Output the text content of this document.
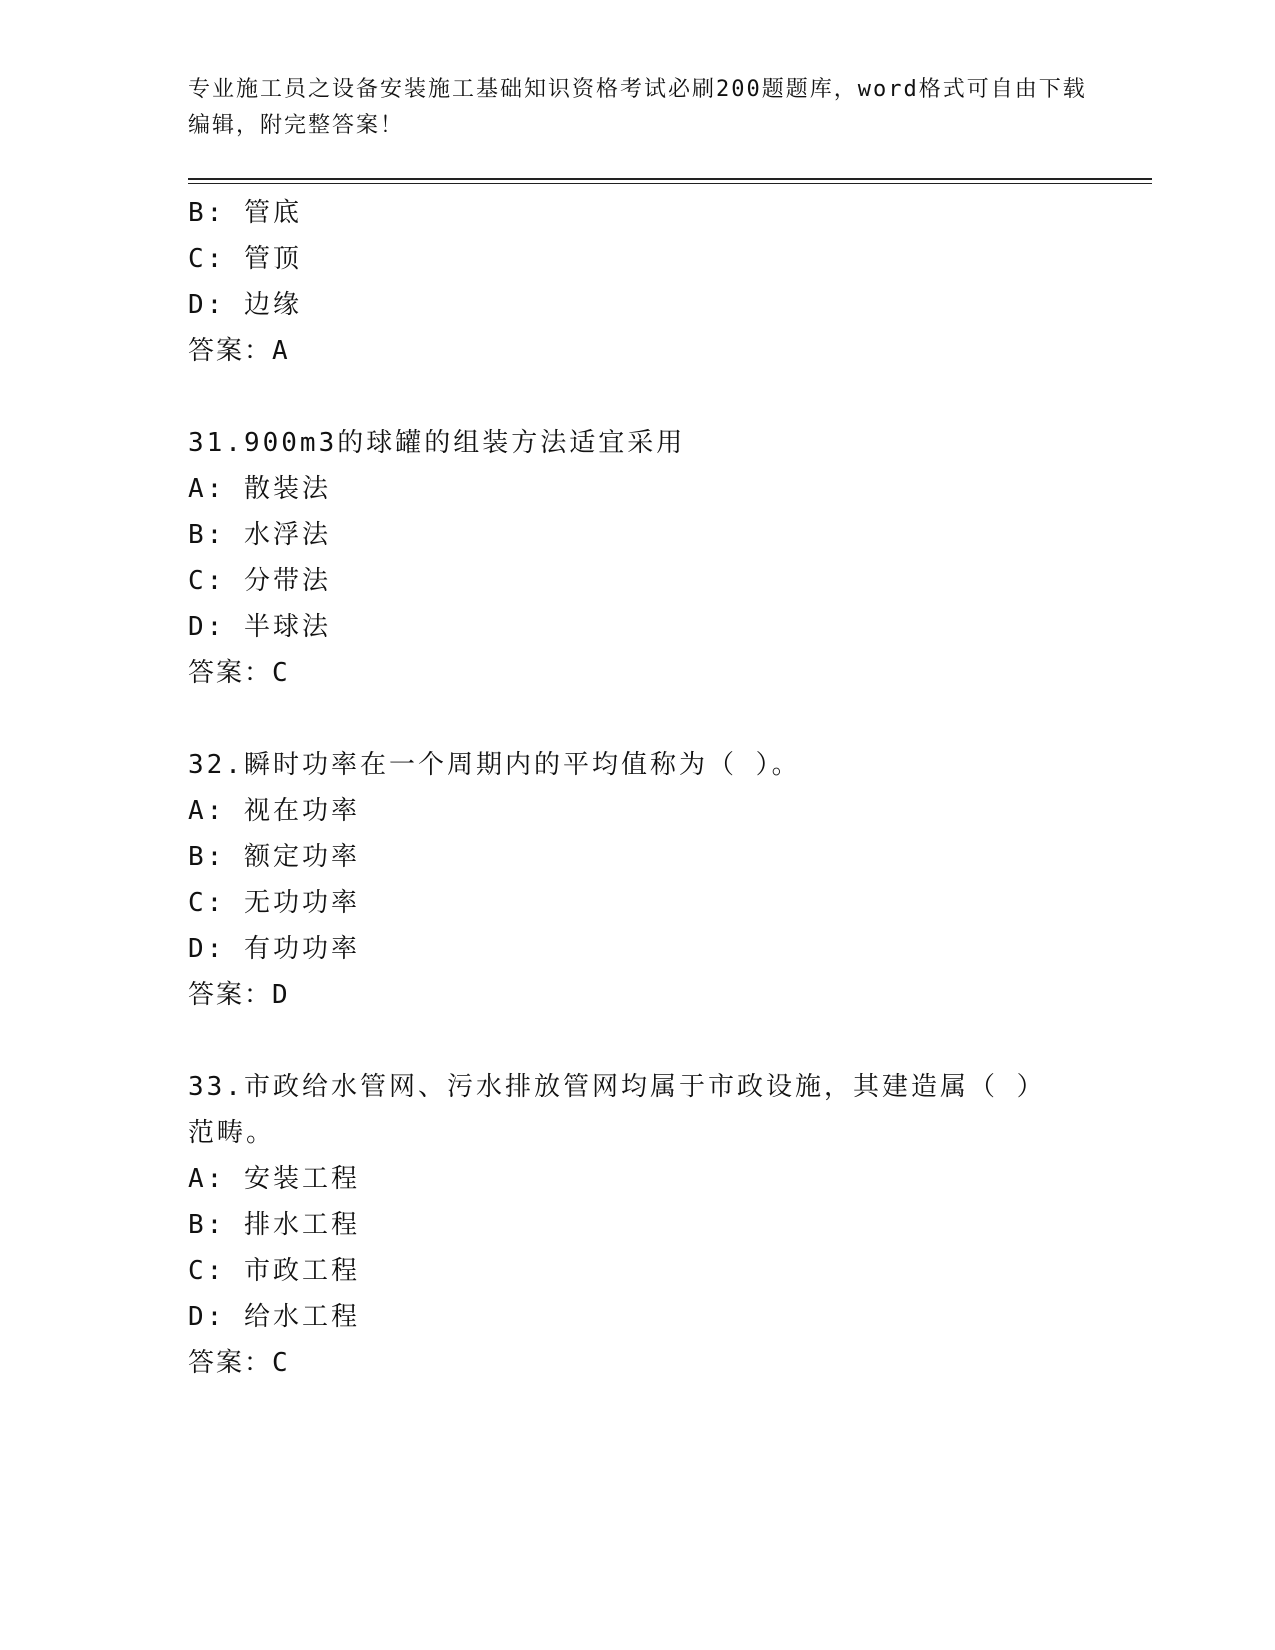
专业施工员之设备安装施工基础知识资格考试必刷200题题库，word格式可自由下载编辑，附完整答案！
B: 管底
C: 管顶
D: 边缘
答案：A
31.900m3的球罐的组装方法适宜采用
A: 散装法
B: 水浮法
C: 分带法
D: 半球法
答案：C
32.瞬时功率在一个周期内的平均值称为（ ）。
A: 视在功率
B: 额定功率
C: 无功功率
D: 有功功率
答案：D
33.市政给水管网、污水排放管网均属于市政设施，其建造属（ ）范畴。
A: 安装工程
B: 排水工程
C: 市政工程
D: 给水工程
答案：C
